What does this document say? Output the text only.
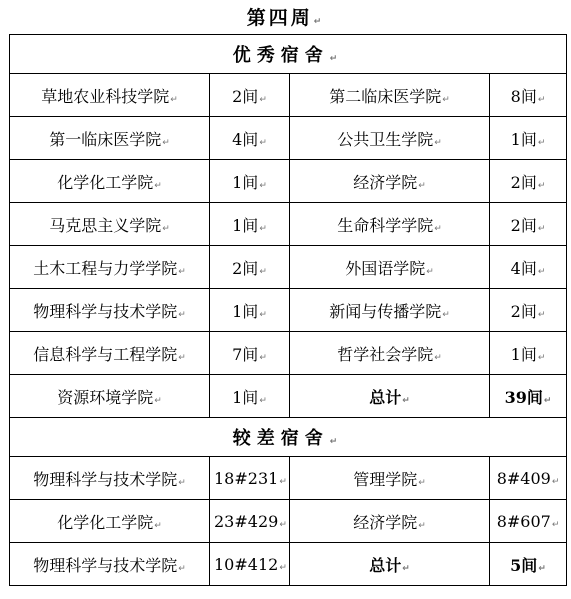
第四周 ↵
优秀宿舍 ↵
草地农业科技学院 ↵	2间 ↵	第二临床医学院 ↵	8间 ↵
第一临床医学院 ↵	4间 ↵	公共卫生学院 ↵	1间 ↵
化学化工学院 ↵	1间 ↵	经济学院 ↵	2间 ↵
马克思主义学院 ↵	1间 ↵	生命科学学院 ↵	2间 ↵
土木工程与力学学院 ↵	2间 ↵	外国语学院 ↵	4间 ↵
物理科学与技术学院 ↵	1间 ↵	新闻与传播学院 ↵	2间 ↵
信息科学与工程学院 ↵	7间 ↵	哲学社会学院 ↵	1间 ↵
资源环境学院 ↵	1间 ↵	总计 ↵	39间 ↵
较差宿舍 ↵
物理科学与技术学院 ↵	18#231 ↵	管理学院 ↵	8#409 ↵
化学化工学院 ↵	23#429 ↵	经济学院 ↵	8#607 ↵
物理科学与技术学院 ↵	10#412 ↵	总计 ↵	5间 ↵
